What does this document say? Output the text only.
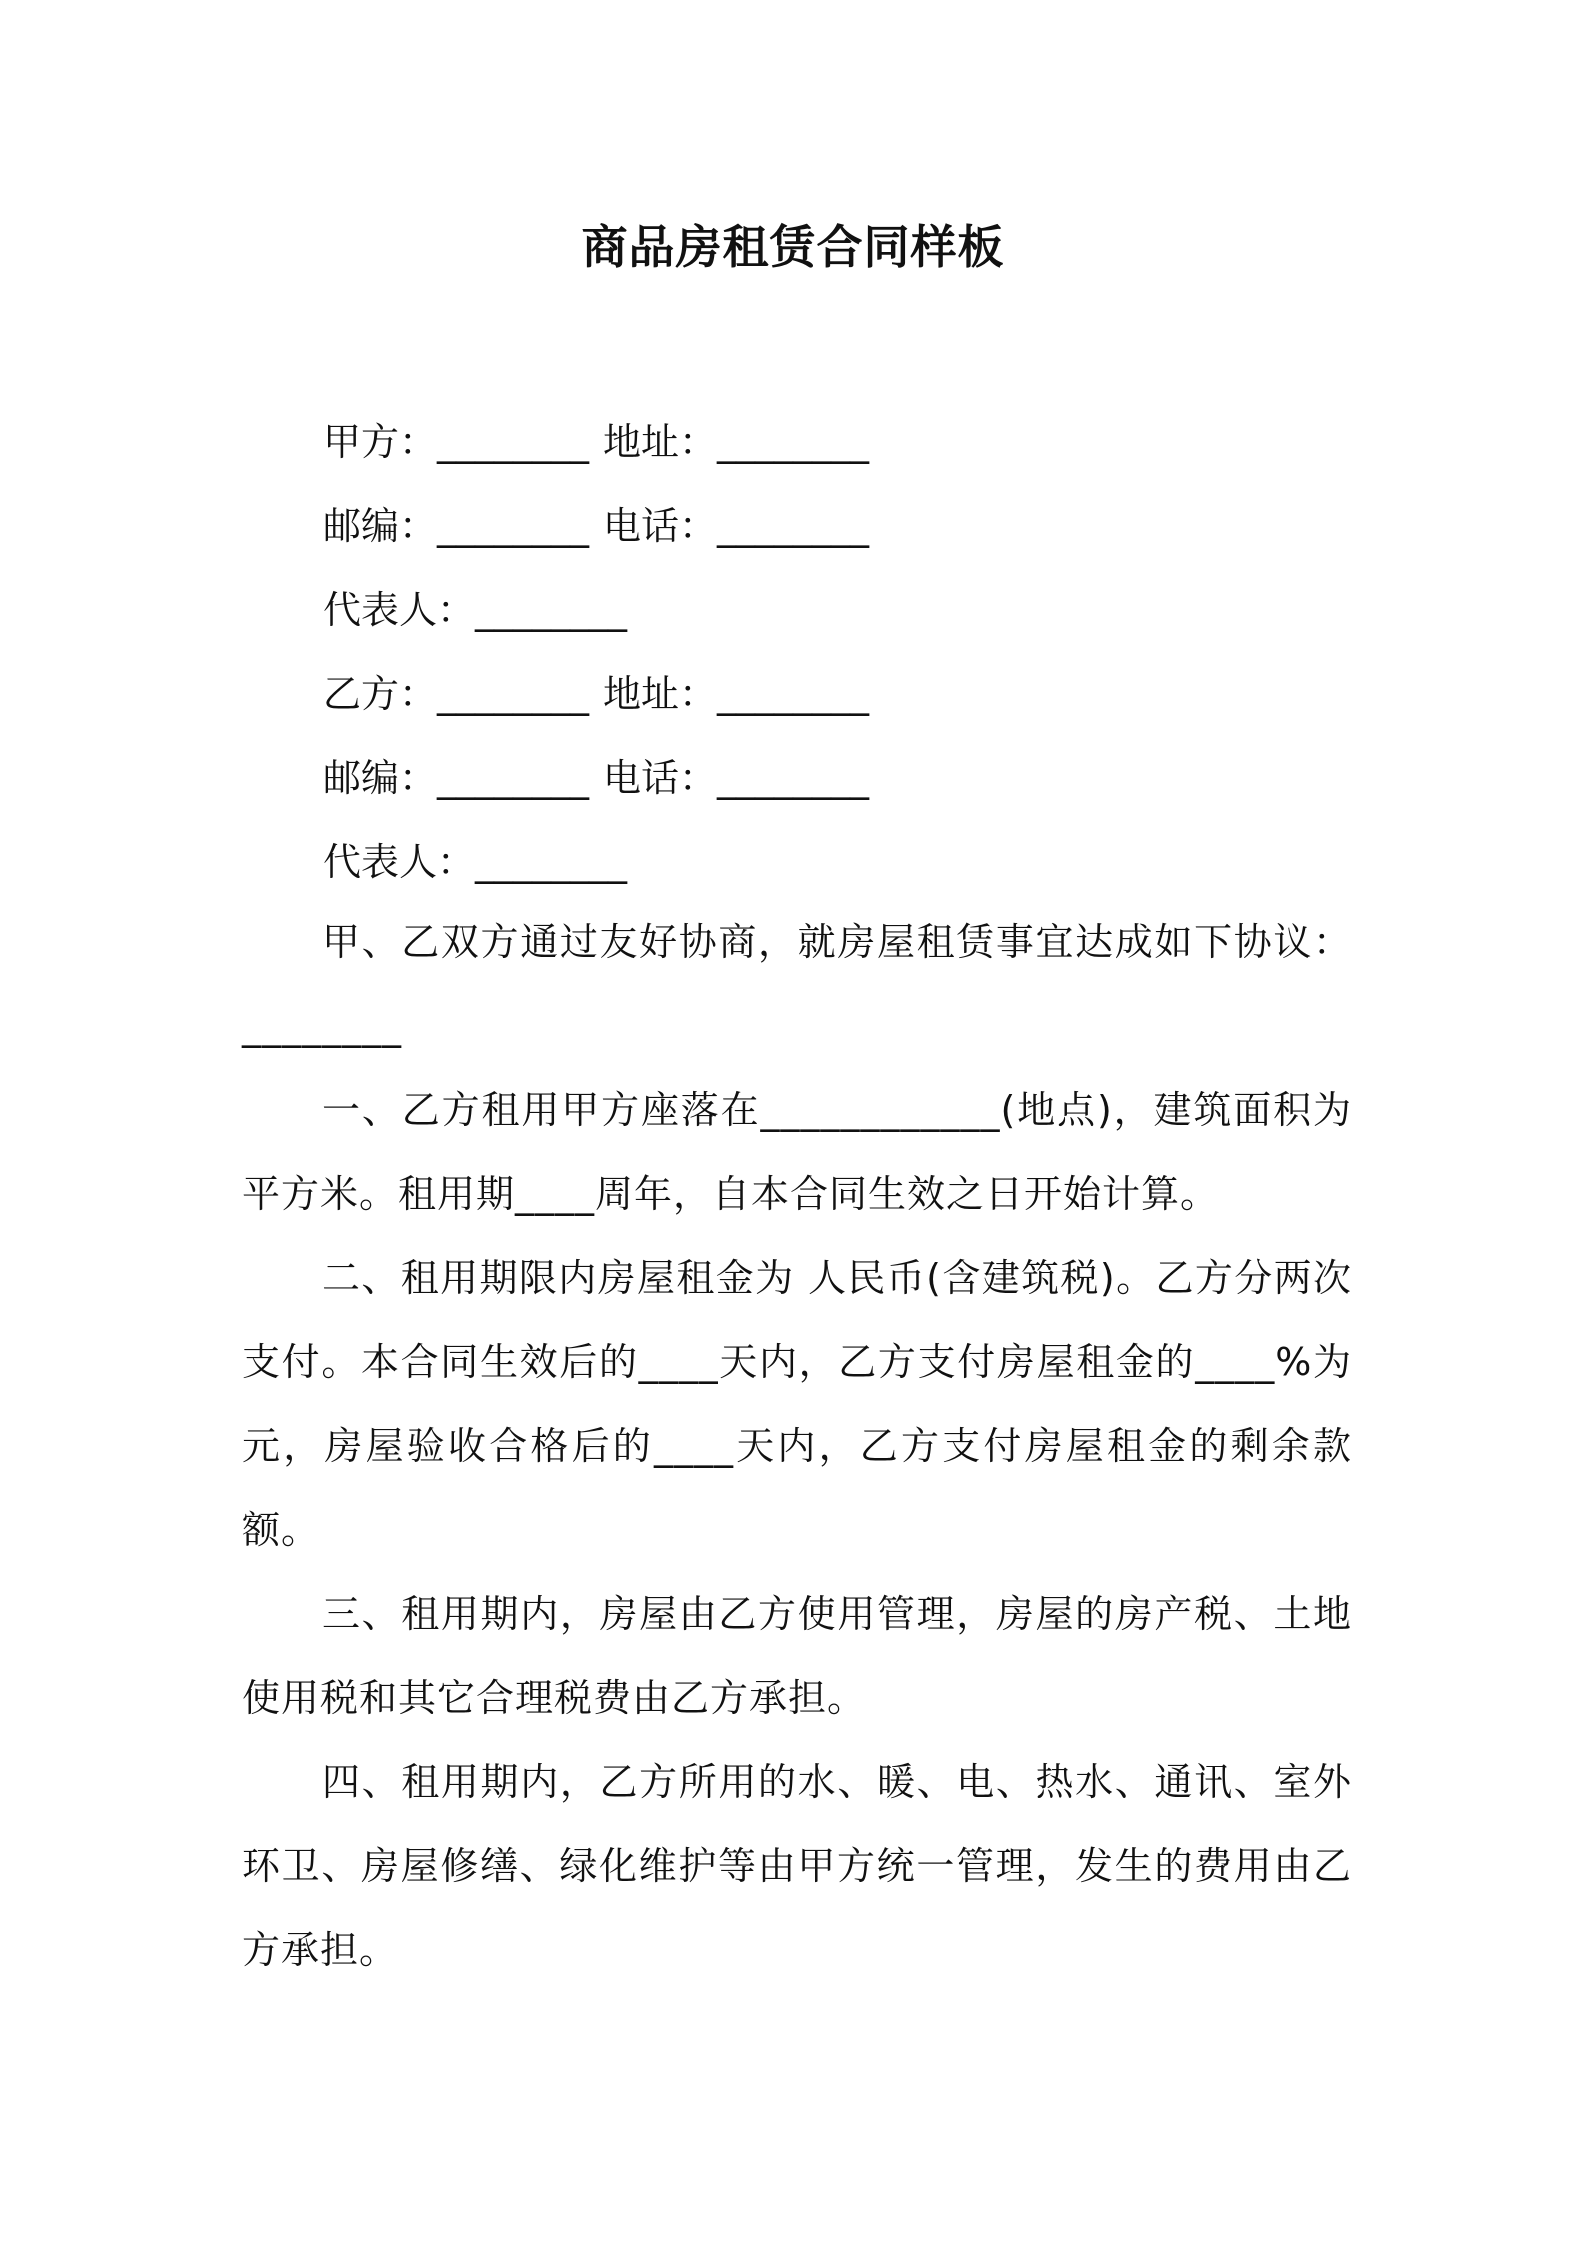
商品房租赁合同样板
甲方：________ 地址：________
邮编：________ 电话：________
代表人：________
乙方：________ 地址：________
邮编：________ 电话：________
代表人：________

甲、乙双方通过友好协商，就房屋租赁事宜达成如下协议：________

一、乙方租用甲方座落在____________(地点)，建筑面积为 平方米。租用期____周年，自本合同生效之日开始计算。

二、租用期限内房屋租金为 人民币(含建筑税)。乙方分两次支付。本合同生效后的____天内，乙方支付房屋租金的____%为 元，房屋验收合格后的____天内，乙方支付房屋租金的剩余款额。

三、租用期内，房屋由乙方使用管理，房屋的房产税、土地使用税和其它合理税费由乙方承担。

四、租用期内，乙方所用的水、暖、电、热水、通讯、室外环卫、房屋修缮、绿化维护等由甲方统一管理，发生的费用由乙方承担。
